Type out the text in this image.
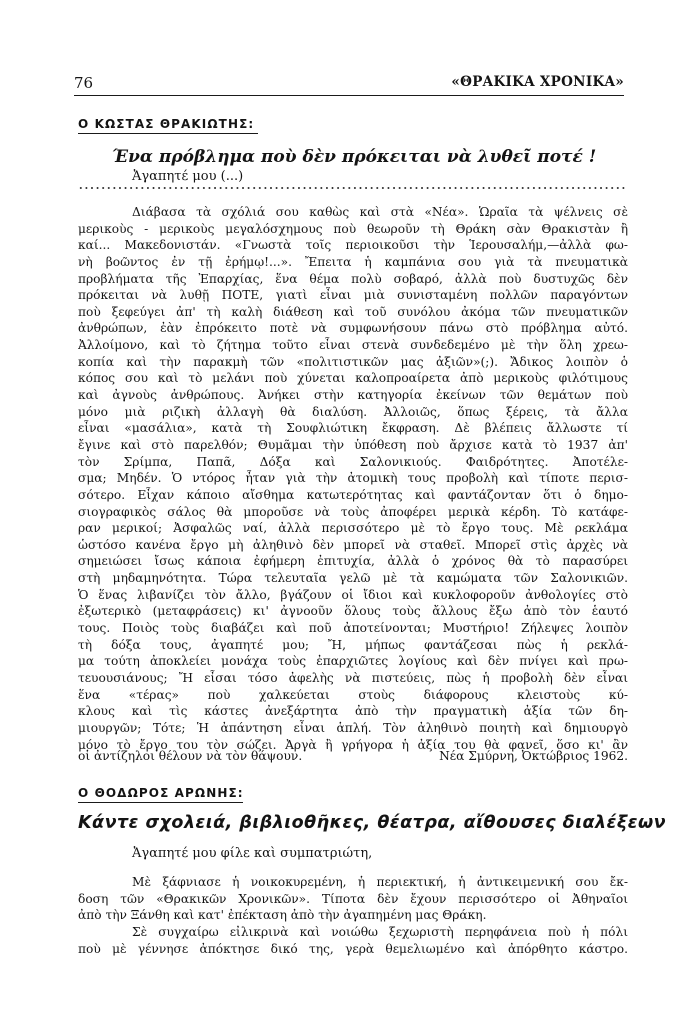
76	«ΘΡΑΚΙΚΑ ΧΡΟΝΙΚΑ»
Ο ΚΩΣΤΑΣ ΘΡΑΚΙΩΤΗΣ:
Ένα πρόβλημα ποὺ δὲν πρόκειται νὰ λυθεῖ ποτέ !
Ἀγαπητέ μου (...)
Διάβασα τὰ σχόλιά σου καθὼς καὶ στὰ «Νέα». Ὡραῖα τὰ ψέλνεις σὲ
μερικοὺς - μερικοὺς μεγαλόσχημους ποὺ θεωροῦν τὴ Θράκη σὰν Θρακιστὰν ἢ
καί... Μακεδονιστάν. «Γνωστὰ τοῖς περιοικοῦσι τὴν Ἱερουσαλήμ,—ἀλλὰ φω-
νὴ βοῶντος ἐν τῇ ἐρήμῳ!...». Ἔπειτα ἡ καμπάνια σου γιὰ τὰ πνευματικὰ
προβλήματα τῆς Ἐπαρχίας, ἕνα θέμα πολὺ σοβαρό, ἀλλὰ ποὺ δυστυχῶς δὲν
πρόκειται νὰ λυθῇ ΠΟΤΕ, γιατὶ εἶναι μιὰ συνισταμένη πολλῶν παραγόντων
ποὺ ξεφεύγει ἀπ' τὴ καλὴ διάθεση καὶ τοῦ συνόλου ἀκόμα τῶν πνευματικῶν
ἀνθρώπων, ἐὰν ἐπρόκειτο ποτὲ νὰ συμφωνήσουν πάνω στὸ πρόβλημα αὐτό.
Ἀλλοίμονο, καὶ τὸ ζήτημα τοῦτο εἶναι στενὰ συνδεδεμένο μὲ τὴν ὅλη χρεω-
κοπία καὶ τὴν παρακμὴ τῶν «πολιτιστικῶν μας ἀξιῶν»(;). Ἄδικος λοιπὸν ὁ
κόπος σου καὶ τὸ μελάνι ποὺ χύνεται καλοπροαίρετα ἀπὸ μερικοὺς φιλότιμους
καὶ ἀγνοὺς ἀνθρώπους. Ἀνήκει στὴν κατηγορία ἐκείνων τῶν θεμάτων ποὺ
μόνο μιὰ ριζικὴ ἀλλαγὴ θὰ διαλύση. Ἀλλοιῶς, ὅπως ξέρεις, τὰ ἄλλα
εἶναι «μασάλια», κατὰ τὴ Σουφλιώτικη ἔκφραση. Δὲ βλέπεις ἄλλωστε τί
ἔγινε καὶ στὸ παρελθόν; Θυμᾶμαι τὴν ὑπόθεση ποὺ ἄρχισε κατὰ τὸ 1937 ἀπ'
τὸν Σρίμπα, Παπᾶ, Δόξα καὶ Σαλονικιούς. Φαιδρότητες. Ἀποτέλε-
σμα; Μηδέν. Ὁ ντόρος ἦταν γιὰ τὴν ἀτομικὴ τους προβολὴ καὶ τίποτε περισ-
σότερο. Εἶχαν κάποιο αἴσθημα κατωτερότητας καὶ φαντάζονταν ὅτι ὁ δημο-
σιογραφικὸς σάλος θὰ μποροῦσε νὰ τοὺς ἀποφέρει μερικὰ κέρδη. Τὸ κατάφε-
ραν μερικοί; Ἀσφαλῶς ναί, ἀλλὰ περισσότερο μὲ τὸ ἔργο τους. Μὲ ρεκλάμα
ὡστόσο κανένα ἔργο μὴ ἀληθινὸ δὲν μπορεῖ νὰ σταθεῖ. Μπορεῖ στὶς ἀρχὲς νὰ
σημειώσει ἴσως κάποια ἐφήμερη ἐπιτυχία, ἀλλὰ ὁ χρόνος θὰ τὸ παρασύρει
στὴ μηδαμηνότητα. Τώρα τελευταῖα γελῶ μὲ τὰ καμώματα τῶν Σαλονικιῶν.
Ὁ ἕνας λιβανίζει τὸν ἄλλο, βγάζουν οἱ ἴδιοι καὶ κυκλοφοροῦν ἀνθολογίες στὸ
ἐξωτερικὸ (μεταφράσεις) κι' ἀγνοοῦν ὅλους τοὺς ἄλλους ἔξω ἀπὸ τὸν ἑαυτό
τους. Ποιὸς τοὺς διαβάζει καὶ ποῦ ἀποτείνονται; Μυστήριο! Ζήλεψες λοιπὸν
τὴ δόξα τους, ἀγαπητέ μου; Ἤ, μήπως φαντάζεσαι πὼς ἡ ρεκλά-
μα τούτη ἀποκλείει μονάχα τοὺς ἐπαρχιῶτες λογίους καὶ δὲν πνίγει καὶ πρω-
τευουσιάνους; Ἤ εἶσαι τόσο ἀφελὴς νὰ πιστεύεις, πὼς ἡ προβολὴ δὲν εἶναι
ἕνα «τέρας» ποὺ χαλκεύεται στοὺς διάφορους κλειστοὺς κύ-
κλους καὶ τὶς κάστες ἀνεξάρτητα ἀπὸ τὴν πραγματικὴ ἀξία τῶν δη-
μιουργῶν; Τότε; Ἡ ἀπάντηση εἶναι ἁπλή. Τὸν ἀληθινὸ ποιητὴ καὶ δημιουργὸ
μόνο τὸ ἔργο του τὸν σώζει. Ἀργὰ ἢ γρήγορα ἡ ἀξία του θὰ φανεῖ, ὅσο κι' ἂν
οἱ ἀντίζηλοι θέλουν νὰ τὸν θάψουν.	Νέα Σμύρνη, Ὀκτώβριος 1962.
Ο ΘΟΔΩΡΟΣ ΑΡΩΝΗΣ:
Κάντε σχολειά, βιβλιοθῆκες, θέατρα, αἴθουσες διαλέξεων
Ἀγαπητέ μου φίλε καὶ συμπατριώτη,
Μὲ ξάφνιασε ἡ νοικοκυρεμένη, ἡ περιεκτική, ἡ ἀντικειμενική σου ἔκ-
δοση τῶν «Θρακικῶν Χρονικῶν». Τίποτα δὲν ἔχουν περισσότερο οἱ Ἀθηναῖοι
ἀπὸ τὴν Ξάνθη καὶ κατ' ἐπέκταση ἀπὸ τὴν ἀγαπημένη μας Θράκη.
Σὲ συγχαίρω εἰλικρινὰ καὶ νοιώθω ξεχωριστὴ περηφάνεια ποὺ ἡ πόλι
ποὺ μὲ γέννησε ἀπόκτησε δικό της, γερὰ θεμελιωμένο καὶ ἀπόρθητο κάστρο.
